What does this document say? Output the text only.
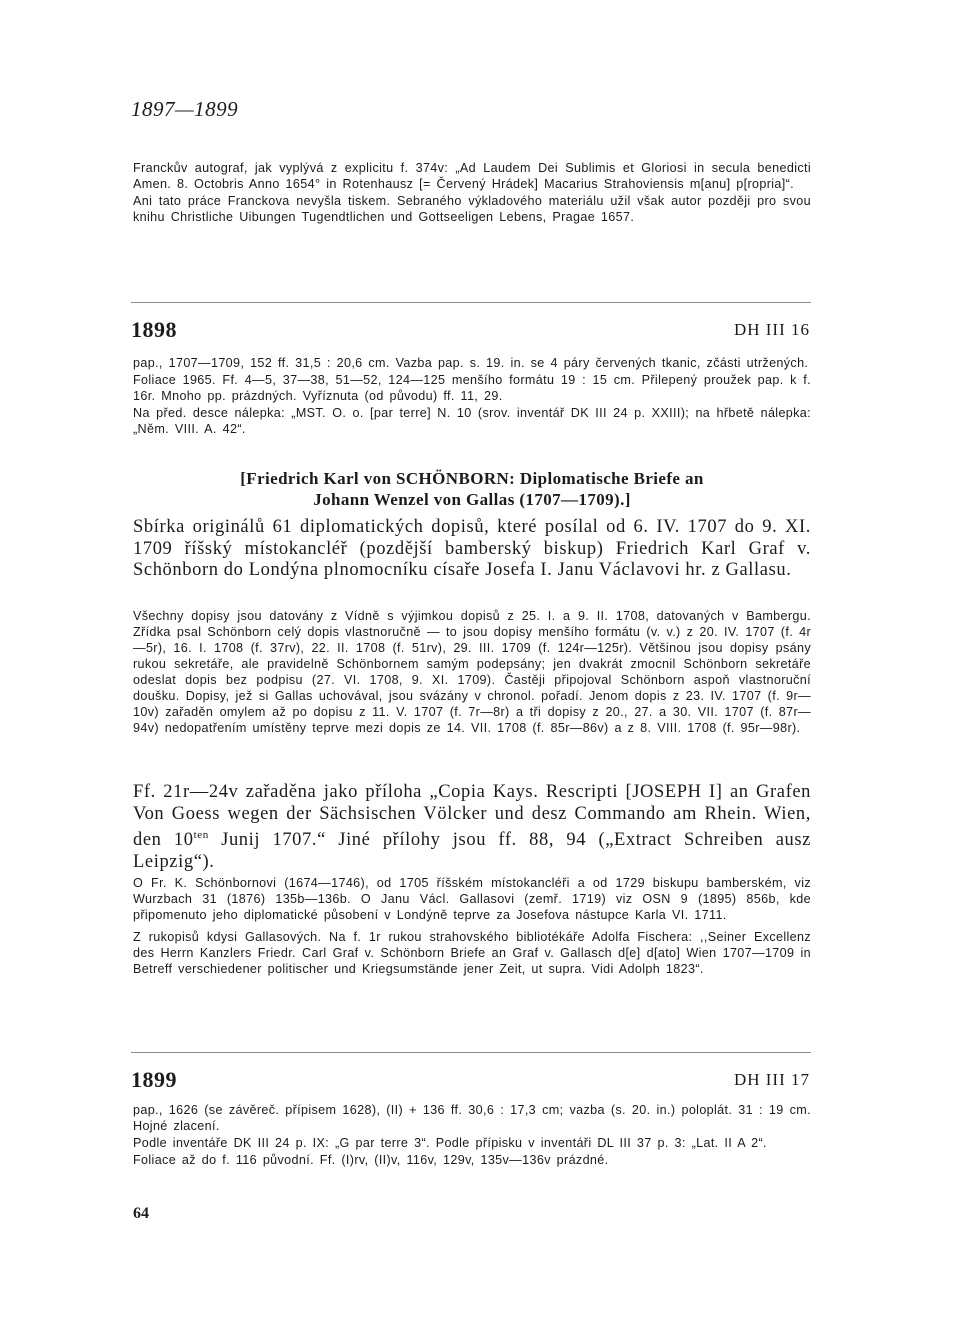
1897—1899

Franckův autograf, jak vyplývá z explicitu f. 374v: „Ad Laudem Dei Sublimis et Gloriosi in secula benedicti Amen. 8. Octobris Anno 1654° in Rotenhausz [= Červený Hrádek] Macarius Strahoviensis m[anu] p[ropria]“.

Ani tato práce Franckova nevyšla tiskem. Sebraného výkladového materiálu užil však autor později pro svou knihu Christliche Uibungen Tugendtlichen und Gottseeligen Lebens, Pragae 1657.

1898	DH III 16

pap., 1707—1709, 152 ff. 31,5 : 20,6 cm. Vazba pap. s. 19. in. se 4 páry červených tkanic, zčásti utržených.

Foliace 1965. Ff. 4—5, 37—38, 51—52, 124—125 menšího formátu 19 : 15 cm. Přilepený proužek pap. k f. 16r. Mnoho pp. prázdných. Vyříznuta (od původu) ff. 11, 29.

Na před. desce nálepka: „MST. O. o. [par terre] N. 10 (srov. inventář DK III 24 p. XXIII); na hřbetě nálepka: „Něm. VIII. A. 42“.

[Friedrich Karl von SCHÖNBORN: Diplomatische Briefe an
Johann Wenzel von Gallas (1707—1709).]

Sbírka originálů 61 diplomatických dopisů, které posílal od 6. IV. 1707 do 9. XI. 1709 říšský místokancléř (pozdější bamberský biskup) Friedrich Karl Graf v. Schönborn do Londýna plnomocníku císaře Josefa I. Janu Václavovi hr. z Gallasu.

Všechny dopisy jsou datovány z Vídně s výjimkou dopisů z 25. I. a 9. II. 1708, datovaných v Bambergu. Zřídka psal Schönborn celý dopis vlastnoručně — to jsou dopisy menšího formátu (v. v.) z 20. IV. 1707 (f. 4r—5r), 16. I. 1708 (f. 37rv), 22. II. 1708 (f. 51rv), 29. III. 1709 (f. 124r—125r). Většinou jsou dopisy psány rukou sekretáře, ale pravidelně Schönbornem samým podepsány; jen dvakrát zmocnil Schönborn sekretáře odeslat dopis bez podpisu (27. VI. 1708, 9. XI. 1709). Častěji připojoval Schönborn aspoň vlastnoruční doušku. Dopisy, jež si Gallas uchovával, jsou svázány v chronol. pořadí. Jenom dopis z 23. IV. 1707 (f. 9r—10v) zařaděn omylem až po dopisu z 11. V. 1707 (f. 7r—8r) a tři dopisy z 20., 27. a 30. VII. 1707 (f. 87r—94v) nedopatřením umístěny teprve mezi dopis ze 14. VII. 1708 (f. 85r—86v) a z 8. VIII. 1708 (f. 95r—98r).

Ff. 21r—24v zařaděna jako příloha „Copia Kays. Rescripti [JOSEPH I] an Grafen Von Goess wegen der Sächsischen Völcker und desz Commando am Rhein. Wien, den $10^{ten}$ Junij 1707.“ Jiné přílohy jsou ff. 88, 94 („Extract Schreiben ausz Leipzig“).

O Fr. K. Schönbornovi (1674—1746), od 1705 říšském místokancléři a od 1729 biskupu bamberském, viz Wurzbach 31 (1876) 135b—136b. O Janu Václ. Gallasovi (zemř. 1719) viz OSN 9 (1895) 856b, kde připomenuto jeho diplomatické působení v Londýně teprve za Josefova nástupce Karla VI. 1711.

Z rukopisů kdysi Gallasových. Na f. 1r rukou strahovského bibliotékáře Adolfa Fischera: ,,Seiner Excellenz des Herrn Kanzlers Friedr. Carl Graf v. Schönborn Briefe an Graf v. Gallasch d[e] d[ato] Wien 1707—1709 in Betreff verschiedener politischer und Kriegsumstände jener Zeit, ut supra. Vidi Adolph 1823“.

1899	DH III 17

pap., 1626 (se závěreč. přípisem 1628), (II) + 136 ff. 30,6 : 17,3 cm; vazba (s. 20. in.) poloplát. 31 : 19 cm. Hojné zlacení.

Podle inventáře DK III 24 p. IX: „G par terre 3“. Podle přípisku v inventáři DL III 37 p. 3: „Lat. II A 2“.

Foliace až do f. 116 původní. Ff. (I)rv, (II)v, 116v, 129v, 135v—136v prázdné.

64
